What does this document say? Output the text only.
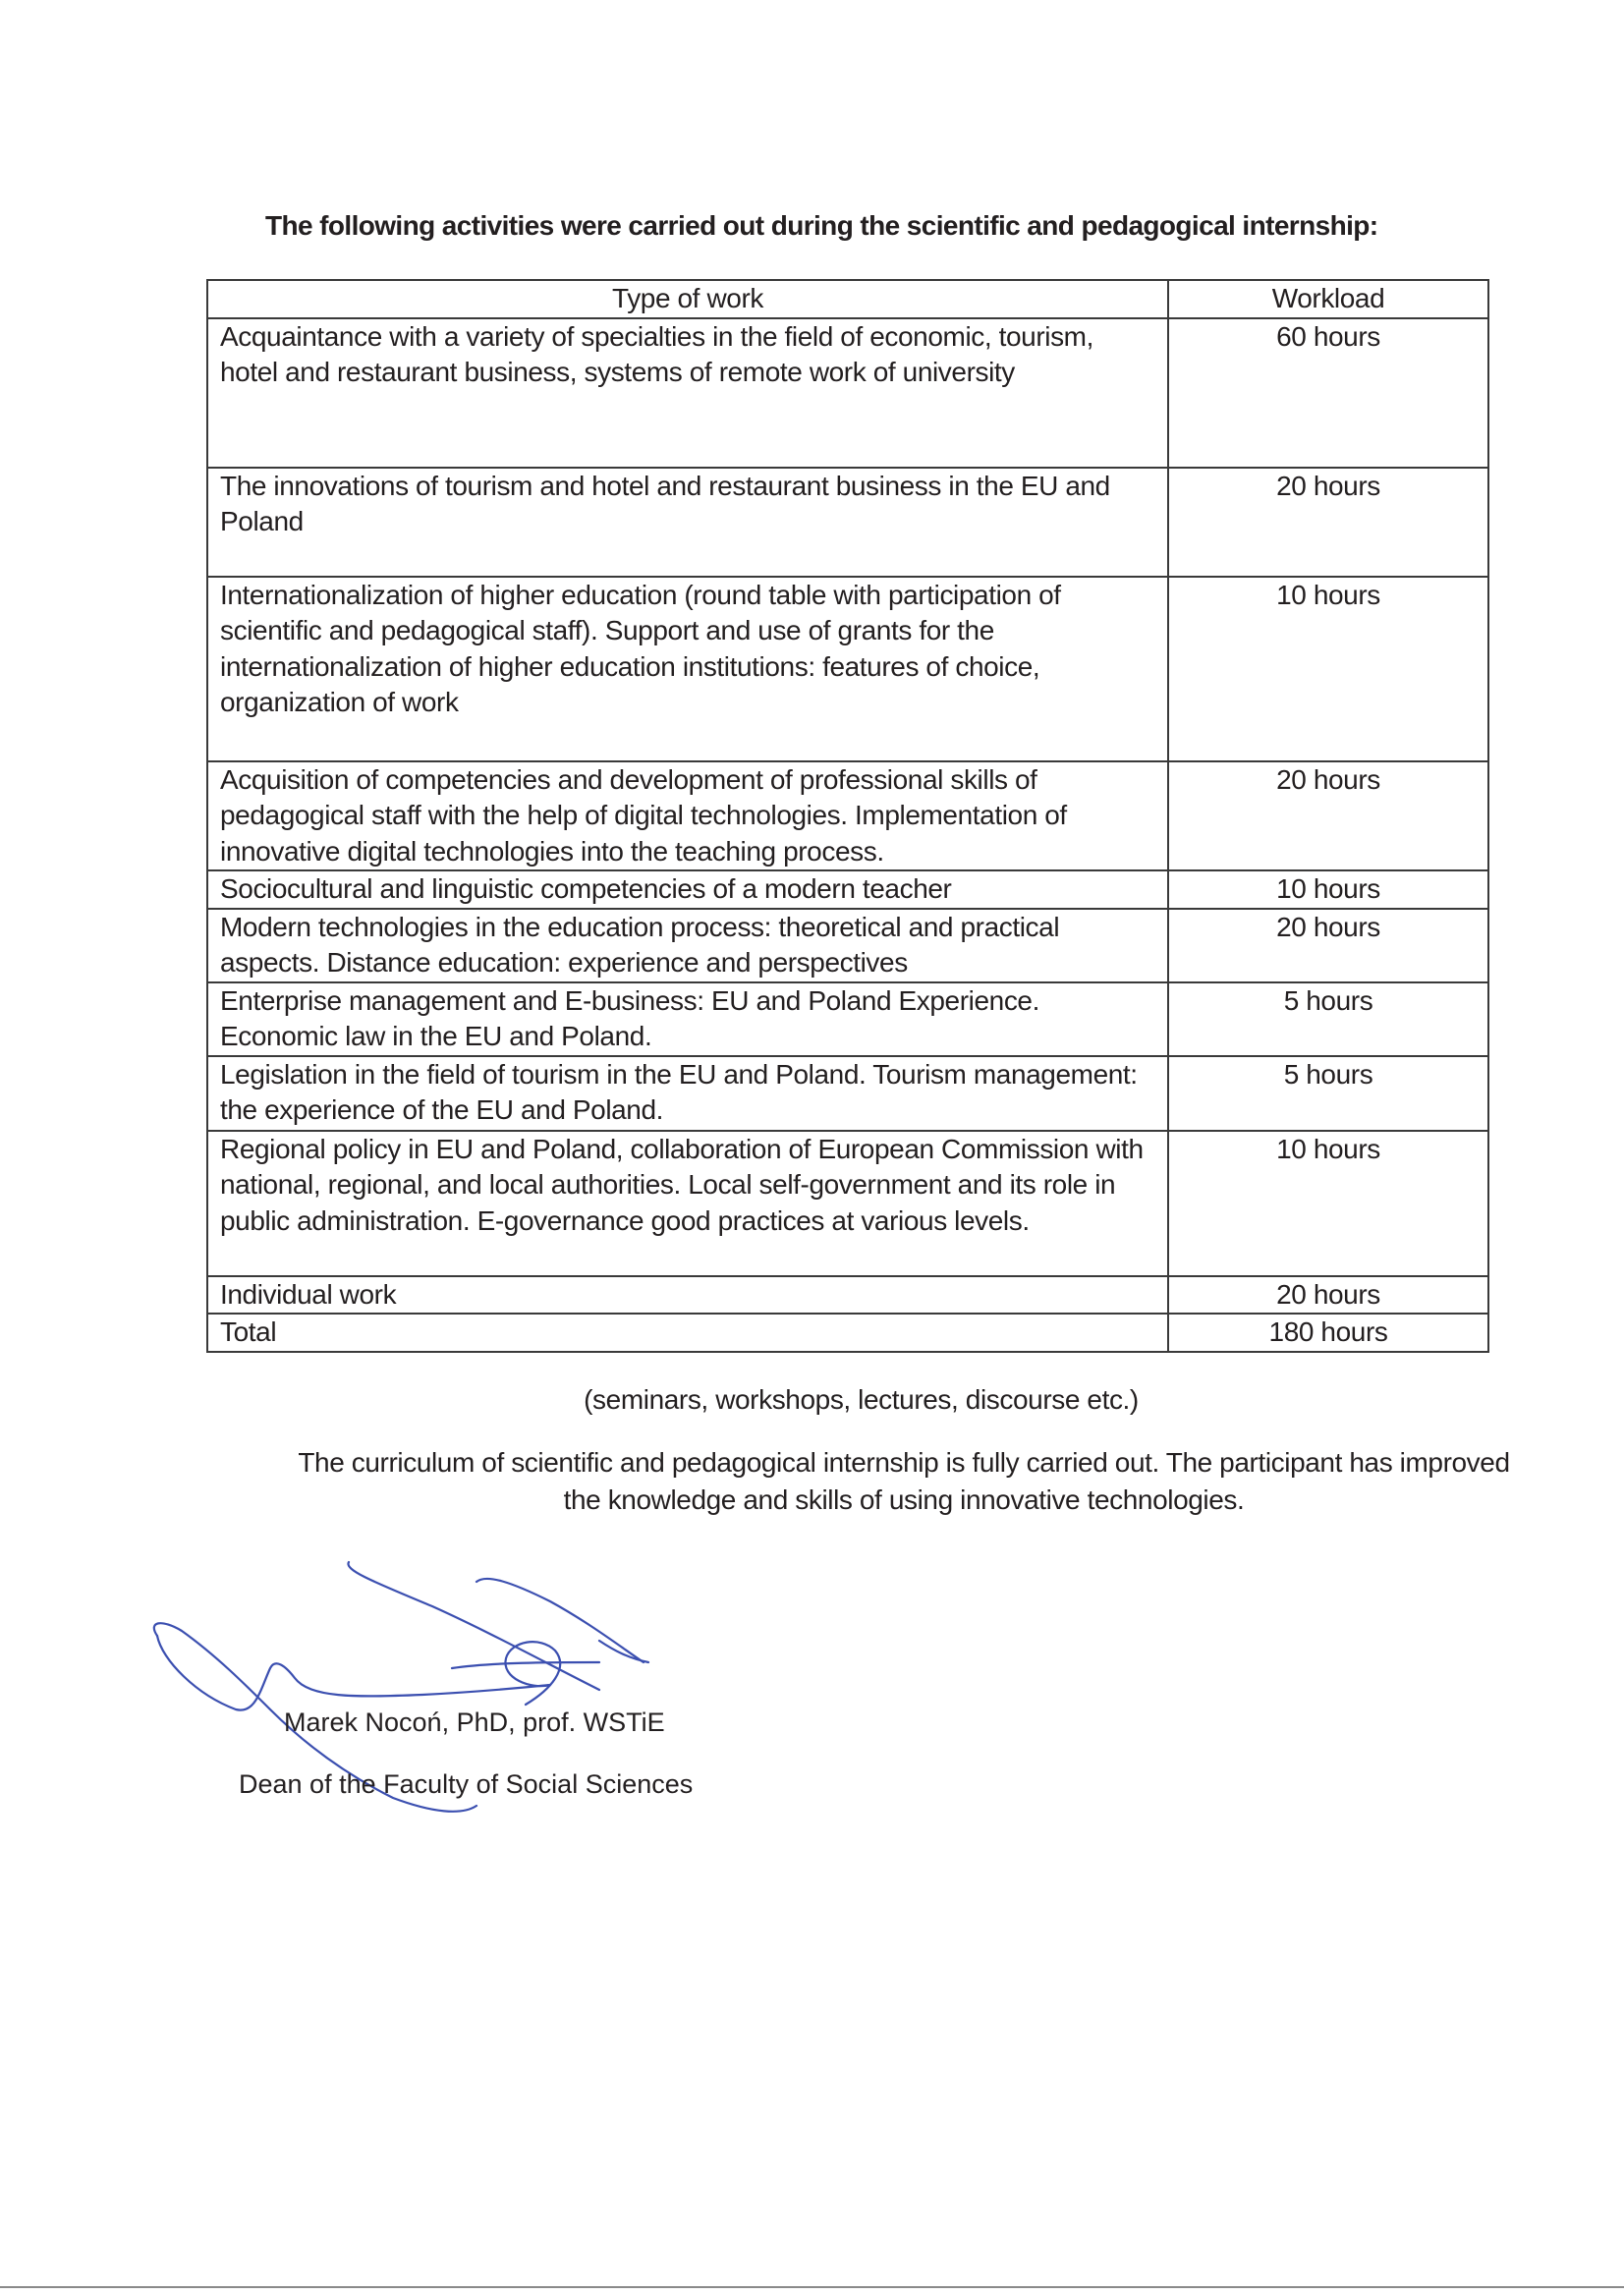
The following activities were carried out during the scientific and pedagogical internship:
Type of work	Workload
Acquaintance with a variety of specialties in the field of economic, tourism, hotel and restaurant business, systems of remote work of university	60 hours
The innovations of tourism and hotel and restaurant business in the EU and Poland	20 hours
Internationalization of higher education (round table with participation of scientific and pedagogical staff). Support and use of grants for the internationalization of higher education institutions: features of choice, organization of work	10 hours
Acquisition of competencies and development of professional skills of pedagogical staff with the help of digital technologies. Implementation of innovative digital technologies into the teaching process.	20 hours
Sociocultural and linguistic competencies of a modern teacher	10 hours
Modern technologies in the education process: theoretical and practical aspects. Distance education: experience and perspectives	20 hours
Enterprise management and E-business: EU and Poland Experience. Economic law in the EU and Poland.	5 hours
Legislation in the field of tourism in the EU and Poland. Tourism management: the experience of the EU and Poland.	5 hours
Regional policy in EU and Poland, collaboration of European Commission with national, regional, and local authorities. Local self-government and its role in public administration. E-governance good practices at various levels.	10 hours
Individual work	20 hours
Total	180 hours
(seminars, workshops, lectures, discourse etc.)
The curriculum of scientific and pedagogical internship is fully carried out. The participant has improved the knowledge and skills of using innovative technologies.
Marek Nocoń, PhD, prof. WSTiE
Dean of the Faculty of Social Sciences
